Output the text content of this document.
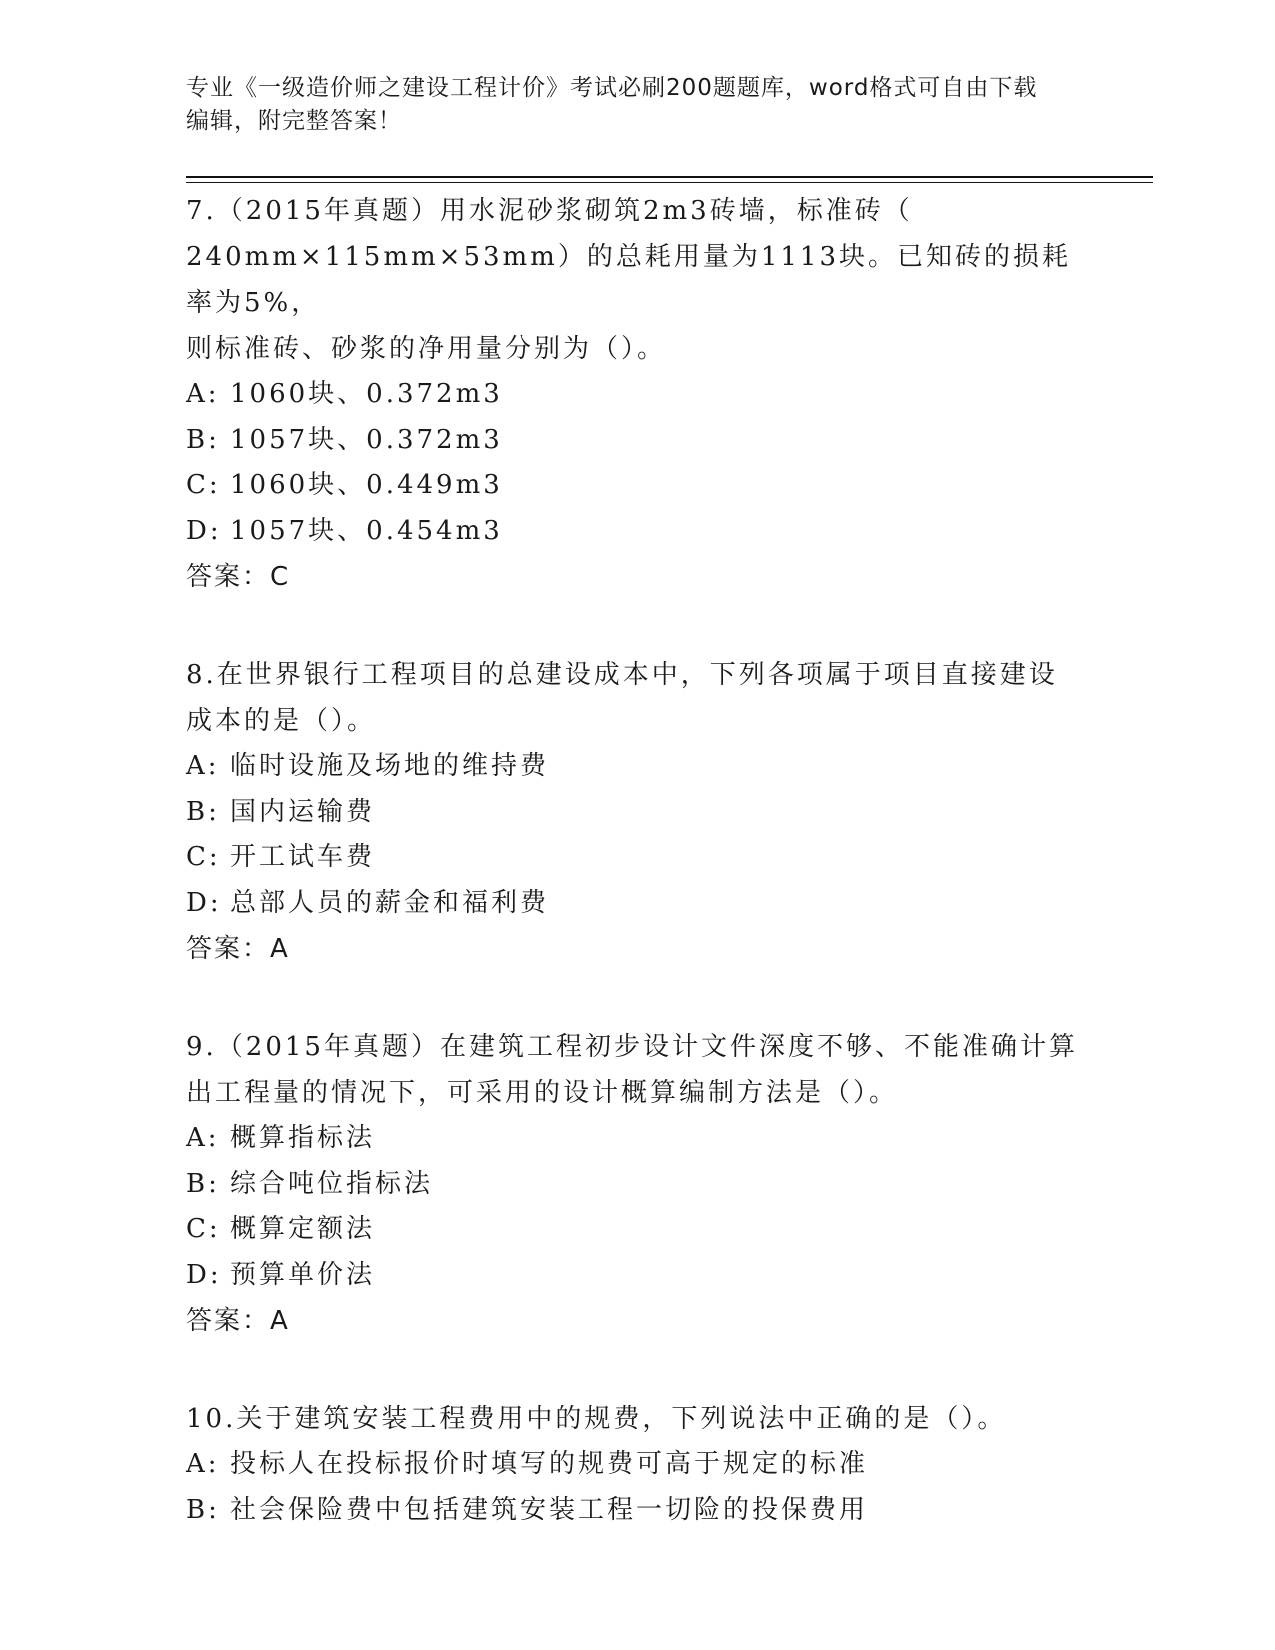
专业《一级造价师之建设工程计价》考试必刷200题题库，word格式可自由下载
编辑，附完整答案！
7.（2015年真题）用水泥砂浆砌筑2m3砖墙，标准砖（
240mm×115mm×53mm）的总耗用量为1113块。已知砖的损耗率为5%，
则标准砖、砂浆的净用量分别为（）。
A: 1060块、0.372m3
B: 1057块、0.372m3
C: 1060块、0.449m3
D: 1057块、0.454m3
答案：C
8.在世界银行工程项目的总建设成本中，下列各项属于项目直接建设
成本的是（）。
A: 临时设施及场地的维持费
B: 国内运输费
C: 开工试车费
D: 总部人员的薪金和福利费
答案：A
9.（2015年真题）在建筑工程初步设计文件深度不够、不能准确计算
出工程量的情况下，可采用的设计概算编制方法是（）。
A: 概算指标法
B: 综合吨位指标法
C: 概算定额法
D: 预算单价法
答案：A
10.关于建筑安装工程费用中的规费，下列说法中正确的是（）。
A: 投标人在投标报价时填写的规费可高于规定的标准
B: 社会保险费中包括建筑安装工程一切险的投保费用
